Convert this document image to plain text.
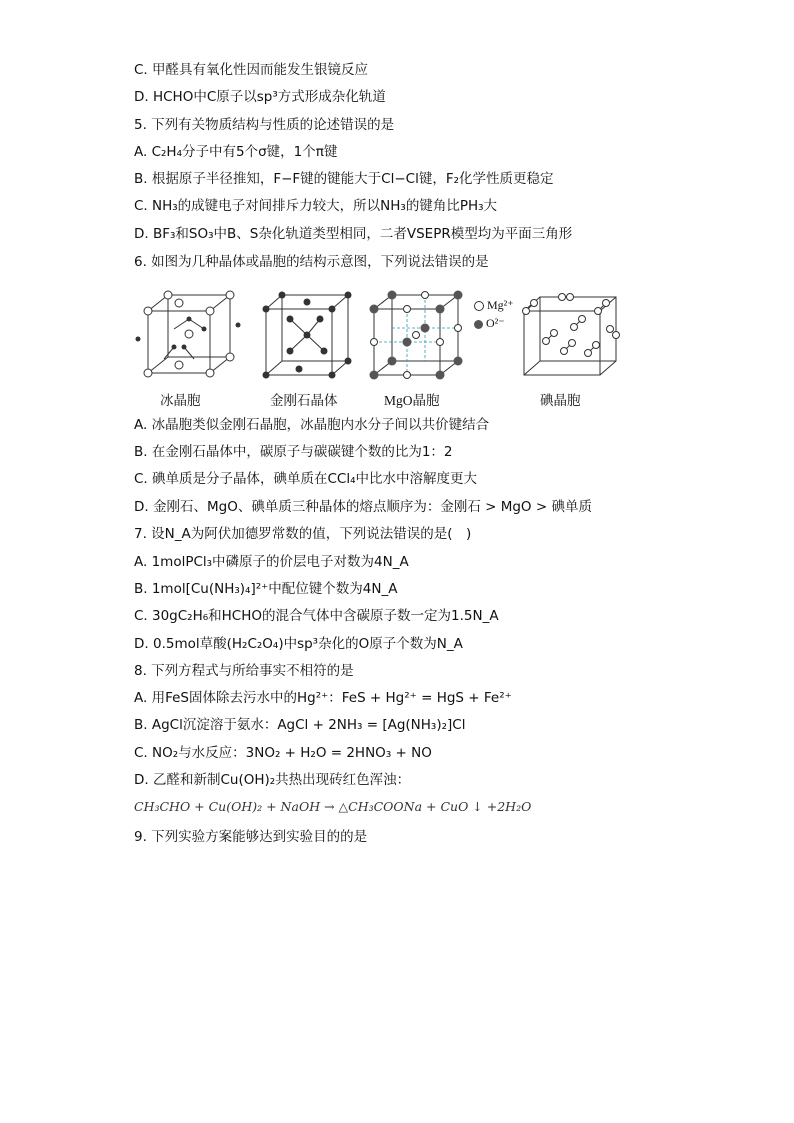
C. 甲醛具有氧化性因而能发生银镜反应
D. HCHO中C原子以sp³方式形成杂化轨道
5. 下列有关物质结构与性质的论述错误的是
A. C₂H₄分子中有5个σ键，1个π键
B. 根据原子半径推知，F−F键的键能大于Cl−Cl键，F₂化学性质更稳定
C. NH₃的成键电子对间排斥力较大，所以NH₃的键角比PH₃大
D. BF₃和SO₃中B、S杂化轨道类型相同，二者VSEPR模型均为平面三角形
6. 如图为几种晶体或晶胞的结构示意图，下列说法错误的是
Mg²⁺
O²⁻
冰晶胞	金刚石晶体	MgO晶胞	碘晶胞
A. 冰晶胞类似金刚石晶胞，冰晶胞内水分子间以共价键结合
B. 在金刚石晶体中，碳原子与碳碳键个数的比为1：2
C. 碘单质是分子晶体，碘单质在CCl₄中比水中溶解度更大
D. 金刚石、MgO、碘单质三种晶体的熔点顺序为：金刚石 > MgO > 碘单质
7. 设N_A为阿伏加德罗常数的值，下列说法错误的是(　)
A. 1molPCl₃中磷原子的价层电子对数为4N_A
B. 1mol[Cu(NH₃)₄]²⁺中配位键个数为4N_A
C. 30gC₂H₆和HCHO的混合气体中含碳原子数一定为1.5N_A
D. 0.5mol草酸(H₂C₂O₄)中sp³杂化的O原子个数为N_A
8. 下列方程式与所给事实不相符的是
A. 用FeS固体除去污水中的Hg²⁺：FeS + Hg²⁺ = HgS + Fe²⁺
B. AgCl沉淀溶于氨水：AgCl + 2NH₃ = [Ag(NH₃)₂]Cl
C. NO₂与水反应：3NO₂ + H₂O = 2HNO₃ + NO
D. 乙醛和新制Cu(OH)₂共热出现砖红色浑浊：
CH₃CHO + Cu(OH)₂ + NaOH → △CH₃COONa + CuO ↓ +2H₂O
9. 下列实验方案能够达到实验目的的是
